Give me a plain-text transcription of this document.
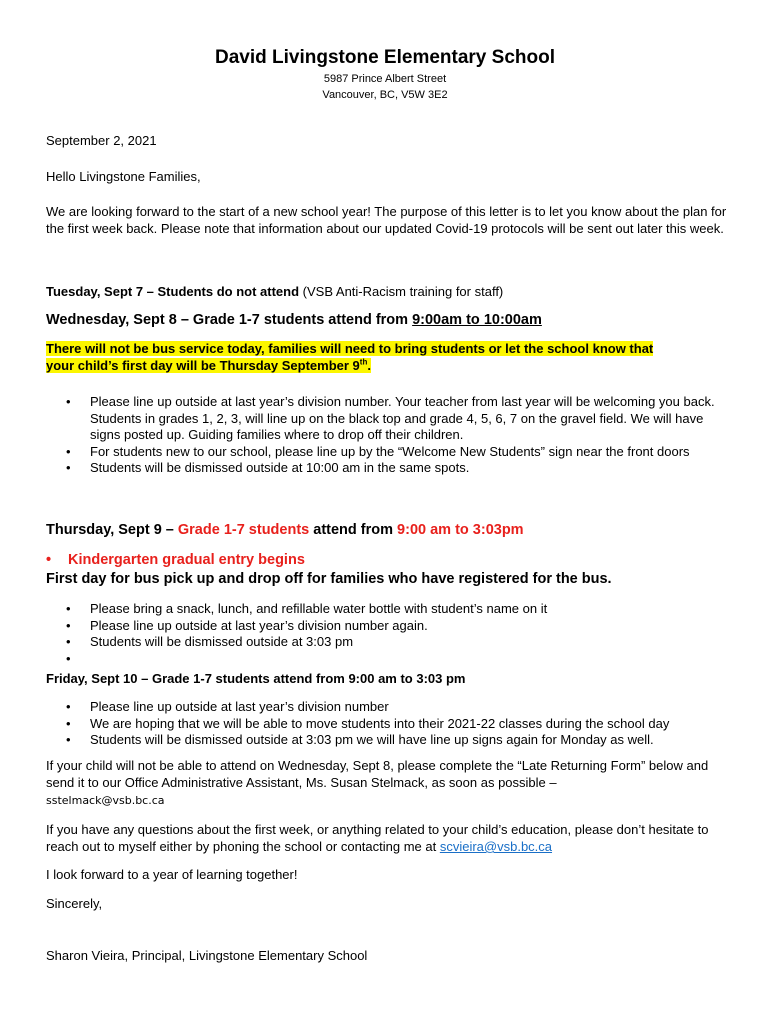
David Livingstone Elementary School
5987 Prince Albert Street
Vancouver, BC, V5W 3E2
September 2, 2021
Hello Livingstone Families,
We are looking forward to the start of a new school year! The purpose of this letter is to let you know about the plan for the first week back. Please note that information about our updated Covid-19 protocols will be sent out later this week.
Tuesday, Sept 7 – Students do not attend (VSB Anti-Racism training for staff)
Wednesday, Sept 8 – Grade 1-7 students attend from 9:00am to 10:00am
There will not be bus service today, families will need to bring students or let the school know that
your child’s first day will be Thursday September 9th.
• Please line up outside at last year’s division number. Your teacher from last year will be welcoming you back. Students in grades 1, 2, 3, will line up on the black top and grade 4, 5, 6, 7 on the gravel field. We will have signs posted up. Guiding families where to drop off their children.
• For students new to our school, please line up by the “Welcome New Students” sign near the front doors
• Students will be dismissed outside at 10:00 am in the same spots.
Thursday, Sept 9 – Grade 1-7 students attend from 9:00 am to 3:03pm
• Kindergarten gradual entry begins
First day for bus pick up and drop off for families who have registered for the bus.
• Please bring a snack, lunch, and refillable water bottle with student’s name on it
• Please line up outside at last year’s division number again.
• Students will be dismissed outside at 3:03 pm
•

Friday, Sept 10 – Grade 1-7 students attend from 9:00 am to 3:03 pm
• Please line up outside at last year’s division number
• We are hoping that we will be able to move students into their 2021-22 classes during the school day
• Students will be dismissed outside at 3:03 pm we will have line up signs again for Monday as well.
If your child will not be able to attend on Wednesday, Sept 8, please complete the “Late Returning Form” below and send it to our Office Administrative Assistant, Ms. Susan Stelmack, as soon as possible –
sstelmack@vsb.bc.ca
If you have any questions about the first week, or anything related to your child’s education, please don’t hesitate to reach out to myself either by phoning the school or contacting me at scvieira@vsb.bc.ca
I look forward to a year of learning together!
Sincerely,
Sharon Vieira, Principal, Livingstone Elementary School
